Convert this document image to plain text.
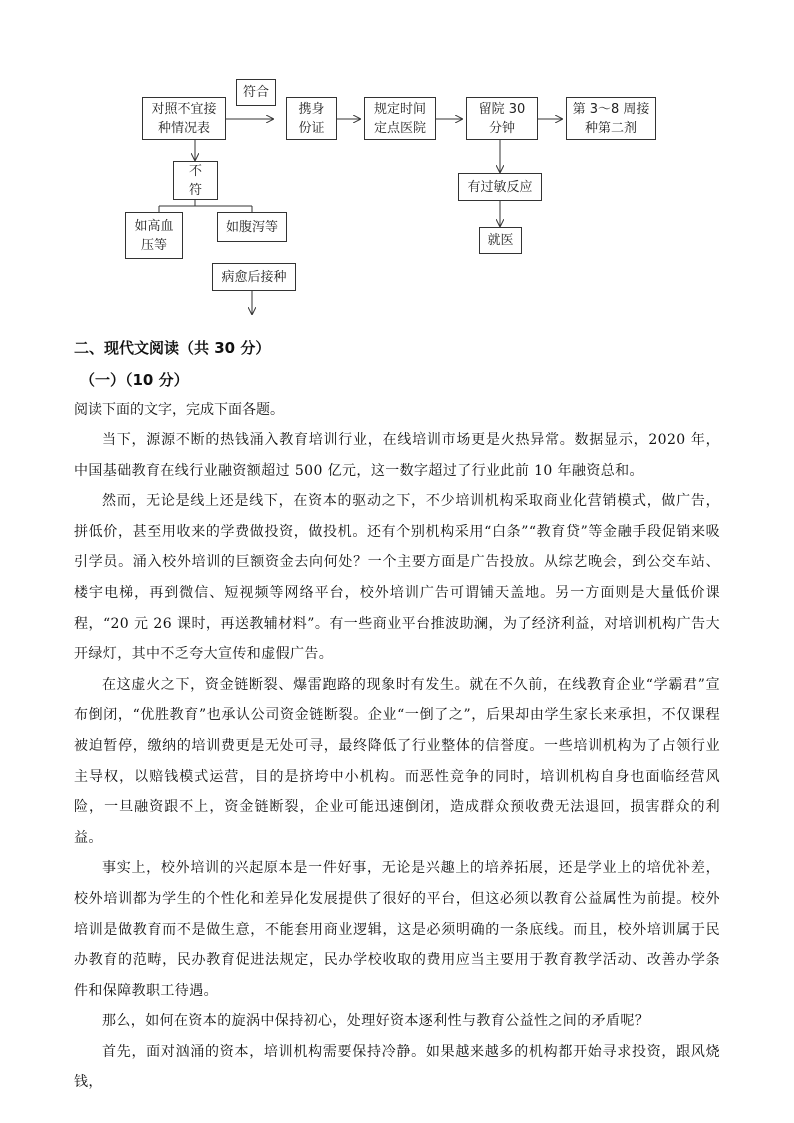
对照不宜接
种情况表
符合
携身
份证
规定时间
定点医院
留院 30
分钟
第 3～8 周接
种第二剂
不
符
如高血
压等
如腹泻等
病愈后接种
有过敏反应
就医
二、现代文阅读（共 30 分）
（一）（10 分）
阅读下面的文字，完成下面各题。

当下，源源不断的热钱涌入教育培训行业，在线培训市场更是火热异常。数据显示，2020 年，中国基础教育在线行业融资额超过 500 亿元，这一数字超过了行业此前 10 年融资总和。

然而，无论是线上还是线下，在资本的驱动之下，不少培训机构采取商业化营销模式，做广告，拼低价，甚至用收来的学费做投资，做投机。还有个别机构采用“白条”“教育贷”等金融手段促销来吸引学员。涌入校外培训的巨额资金去向何处？一个主要方面是广告投放。从综艺晚会，到公交车站、楼宇电梯，再到微信、短视频等网络平台，校外培训广告可谓铺天盖地。另一方面则是大量低价课程，“20 元 26 课时，再送教辅材料”。有一些商业平台推波助澜，为了经济利益，对培训机构广告大开绿灯，其中不乏夸大宣传和虚假广告。

在这虚火之下，资金链断裂、爆雷跑路的现象时有发生。就在不久前，在线教育企业“学霸君”宣布倒闭，“优胜教育”也承认公司资金链断裂。企业“一倒了之”，后果却由学生家长来承担，不仅课程被迫暂停，缴纳的培训费更是无处可寻，最终降低了行业整体的信誉度。一些培训机构为了占领行业主导权，以赔钱模式运营，目的是挤垮中小机构。而恶性竞争的同时，培训机构自身也面临经营风险，一旦融资跟不上，资金链断裂，企业可能迅速倒闭，造成群众预收费无法退回，损害群众的利益。

事实上，校外培训的兴起原本是一件好事，无论是兴趣上的培养拓展，还是学业上的培优补差，校外培训都为学生的个性化和差异化发展提供了很好的平台，但这必须以教育公益属性为前提。校外培训是做教育而不是做生意，不能套用商业逻辑，这是必须明确的一条底线。而且，校外培训属于民办教育的范畴，民办教育促进法规定，民办学校收取的费用应当主要用于教育教学活动、改善办学条件和保障教职工待遇。

那么，如何在资本的旋涡中保持初心，处理好资本逐利性与教育公益性之间的矛盾呢？

首先，面对汹涌的资本，培训机构需要保持冷静。如果越来越多的机构都开始寻求投资，跟风烧钱，
